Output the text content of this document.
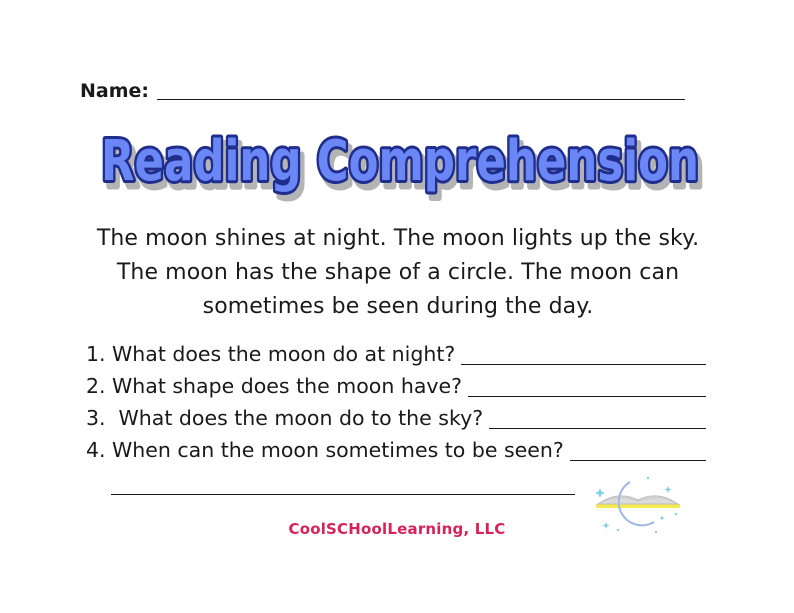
Name:
Reading Comprehension
Reading Comprehension
Reading Comprehension
The moon shines at night. The moon lights up the sky. The moon has the shape of a circle. The moon can sometimes be seen during the day.
1. What does the moon do at night?
2. What shape does the moon have?
3. What does the moon do to the sky?
4. When can the moon sometimes to be seen?
CoolSCHoolLearning, LLC
